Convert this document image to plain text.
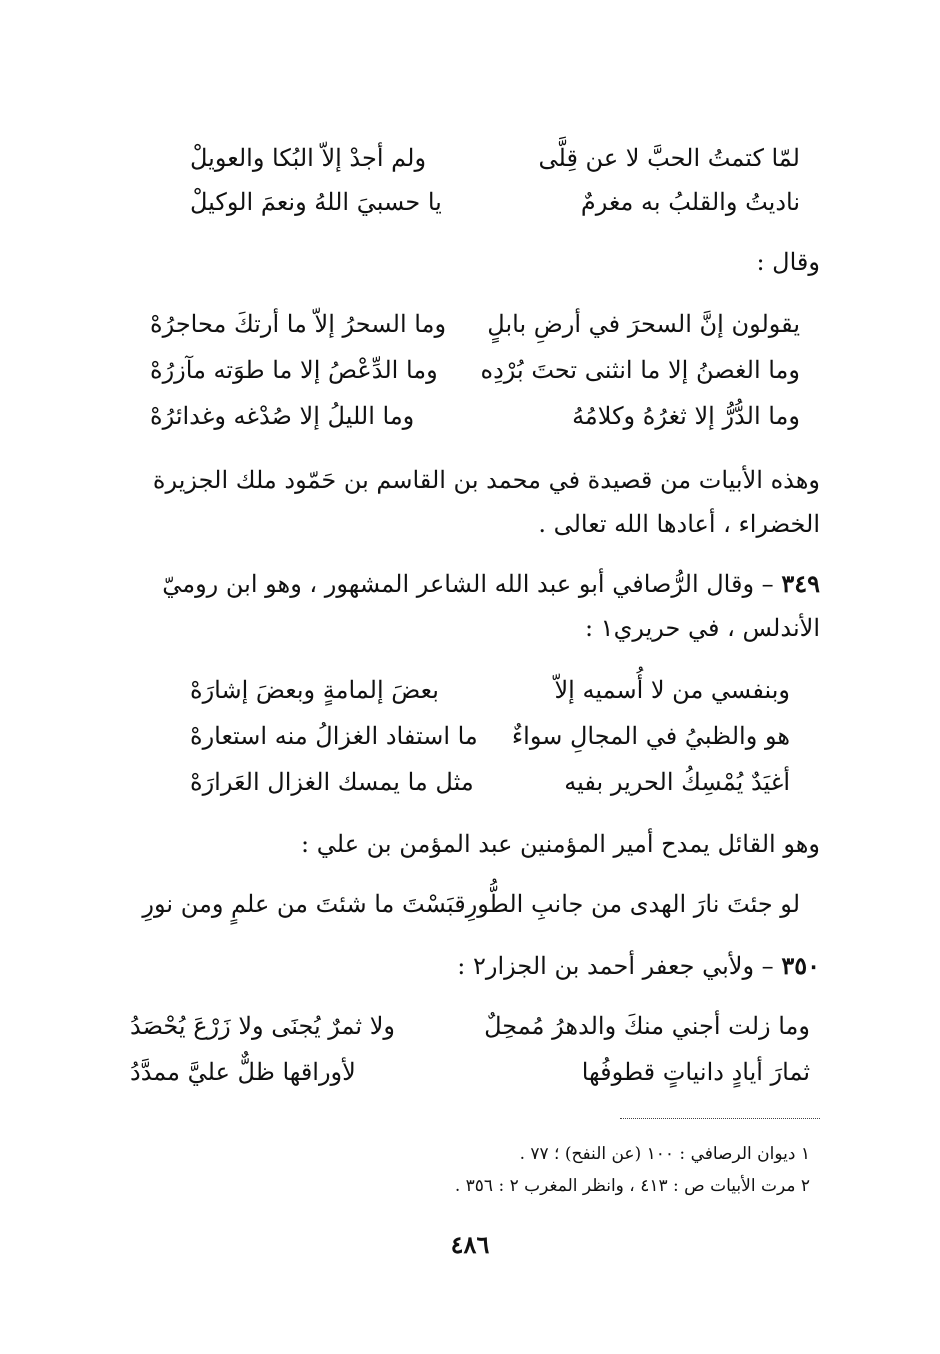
لمّا كتمتُ الحبَّ لا عن قِلَّى
ولم أجدْ إلاّ البُكا والعويلْ
ناديتُ والقلبُ به مغرمٌ
يا حسبيَ اللهُ ونعمَ الوكيلْ
وقال :
يقولون إنَّ السحرَ في أرضِ بابلٍ
وما السحرُ إلاّ ما أرتكَ محاجرُهْ
وما الغصنُ إلا ما انثنى تحتَ بُرْدِه
وما الدِّعْصُ إلا ما طوَته مآزرُهْ
وما الدُّرُّ إلا ثغرُهُ وكلامُهُ
وما الليلُ إلا صُدْغه وغدائرُهْ
وهذه الأبيات من قصيدة في محمد بن القاسم بن حَمّود ملك الجزيرة الخضراء ، أعادها الله تعالى .
٣٤٩ – وقال الرُّصافي أبو عبد الله الشاعر المشهور ، وهو ابن روميّ الأندلس ، في حريري١ :
وبنفسي من لا أُسميه إلاّ
بعضَ إلمامةٍ وبعضَ إشارَهْ
هو والظبيُ في المجالِ سواءٌ
ما استفاد الغزالُ منه استعارهْ
أغيَدٌ يُمْسِكُ الحرير بفيه
مثل ما يمسك الغزال العَرارَهْ
وهو القائل يمدح أمير المؤمنين عبد المؤمن بن علي :
لو جئتَ نارَ الهدى من جانبِ الطُّورِ
قبَسْتَ ما شئتَ من علمٍ ومن نورِ
٣٥٠ – ولأبي جعفر أحمد بن الجزار٢ :
وما زلت أجني منكَ والدهرُ مُمحِلٌ
ولا ثمرٌ يُجنَى ولا زَرْعَ يُحْصَدُ
ثمارَ أيادٍ دانياتٍ قطوفُها
لأوراقها ظلٌّ عليَّ ممدَّدُ
١ ديوان الرصافي : ١٠٠ (عن النفح) ؛ ٧٧ .
٢ مرت الأبيات ص : ٤١٣ ، وانظر المغرب ٢ : ٣٥٦ .
٤٨٦
